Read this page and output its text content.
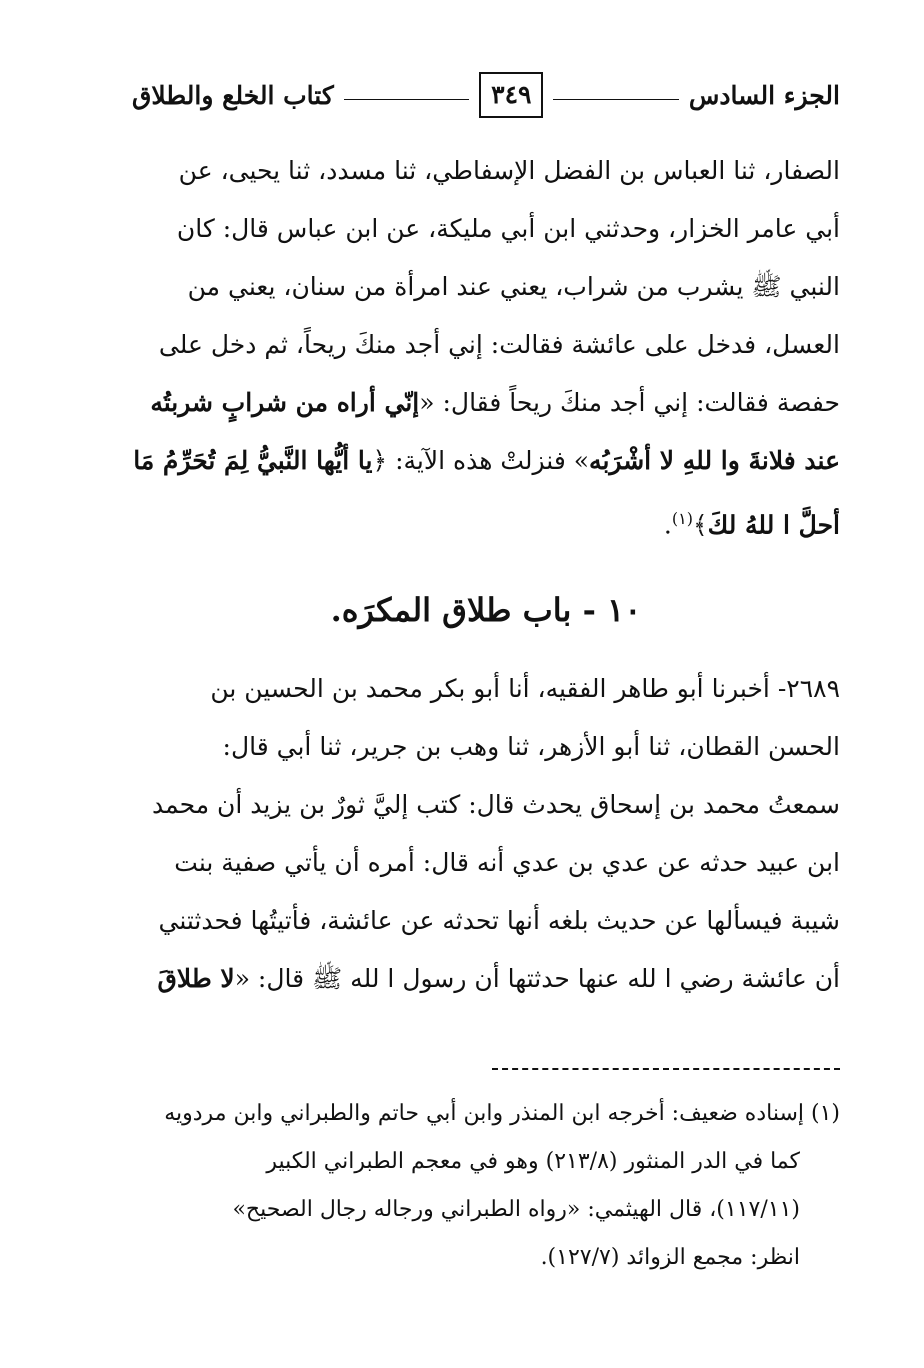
الجزء السادس
٣٤٩
كتاب الخلع والطلاق

الصفار، ثنا العباس بن الفضل الإسفاطي، ثنا مسدد، ثنا يحيى، عن

أبي عامر الخزار، وحدثني ابن أبي مليكة، عن ابن عباس قال: كان

النبي ﷺ يشرب من شراب، يعني عند امرأة من سنان، يعني من

العسل، فدخل على عائشة فقالت: إني أجد منكَ ريحاً، ثم دخل على

حفصة فقالت: إني أجد منكَ ريحاً فقال: «إنّي أراه من شرابٍ شربتُه

عند فلانةَ وا للهِ لا أشْرَبُه» فنزلتْ هذه الآية: ﴿يا أيُّها النَّبيُّ لِمَ تُحَرِّمُ مَا

أحلَّ ا للهُ لكَ﴾$^{(١)}$.

١٠ - باب طلاق المكرَه.

٢٦٨٩- أخبرنا أبو طاهر الفقيه، أنا أبو بكر محمد بن الحسين بن

الحسن القطان، ثنا أبو الأزهر، ثنا وهب بن جرير، ثنا أبي قال:

سمعتُ محمد بن إسحاق يحدث قال: كتب إليَّ ثورٌ بن يزيد أن محمد

ابن عبيد حدثه عن عدي بن عدي أنه قال: أمره أن يأتي صفية بنت

شيبة فيسألها عن حديث بلغه أنها تحدثه عن عائشة، فأتيتُها فحدثتني

أن عائشة رضي ا لله عنها حدثتها أن رسول ا لله ﷺ قال: «لا طلاقَ

(١) إسناده ضعيف: أخرجه ابن المنذر وابن أبي حاتم والطبراني وابن مردويه

كما في الدر المنثور (٢١٣/٨) وهو في معجم الطبراني الكبير

(١١٧/١١)، قال الهيثمي: «رواه الطبراني ورجاله رجال الصحيح»

انظر: مجمع الزوائد (١٢٧/٧).
